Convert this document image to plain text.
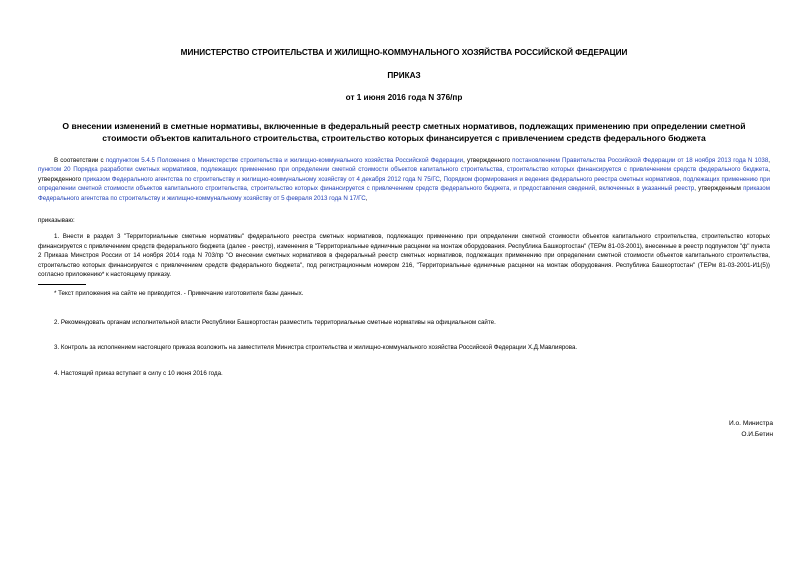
МИНИСТЕРСТВО СТРОИТЕЛЬСТВА И ЖИЛИЩНО-КОММУНАЛЬНОГО ХОЗЯЙСТВА РОССИЙСКОЙ ФЕДЕРАЦИИ
ПРИКАЗ
от 1 июня 2016 года N 376/пр
О внесении изменений в сметные нормативы, включенные в федеральный реестр сметных нормативов, подлежащих применению при определении сметной стоимости объектов капитального строительства, строительство которых финансируется с привлечением средств федерального бюджета

В соответствии с подпунктом 5.4.5 Положения о Министерстве строительства и жилищно-коммунального хозяйства Российской Федерации, утвержденного постановлением Правительства Российской Федерации от 18 ноября 2013 года N 1038, пунктом 20 Порядка разработки сметных нормативов, подлежащих применению при определении сметной стоимости объектов капитального строительства, строительство которых финансируется с привлечением средств федерального бюджета, утвержденного приказом Федерального агентства по строительству и жилищно-коммунальному хозяйству от 4 декабря 2012 года N 75/ГС, Порядком формирования и ведения федерального реестра сметных нормативов, подлежащих применению при определении сметной стоимости объектов капитального строительства, строительство которых финансируется с привлечением средств федерального бюджета, и предоставления сведений, включенных в указанный реестр, утвержденным приказом Федерального агентства по строительству и жилищно-коммунальному хозяйству от 5 февраля 2013 года N 17/ГС,

приказываю:

1. Внести в раздел 3 "Территориальные сметные нормативы" федерального реестра сметных нормативов, подлежащих применению при определении сметной стоимости объектов капитального строительства, строительство которых финансируется с привлечением средств федерального бюджета (далее - реестр), изменения в "Территориальные единичные расценки на монтаж оборудования. Республика Башкортостан" (ТЕРм 81-03-2001), внесенные в реестр подпунктом "ф" пункта 2 Приказа Минстроя России от 14 ноября 2014 года N 703/пр "О внесении сметных нормативов в федеральный реестр сметных нормативов, подлежащих применению при определении сметной стоимости объектов капитального строительства, строительство которых финансируется с привлечением средств федерального бюджета", под регистрационным номером 216, "Территориальные единичные расценки на монтаж оборудования. Республика Башкортостан" (ТЕРм 81-03-2001-И1(5)) согласно приложению* к настоящему приказу.

* Текст приложения на сайте не приводится. - Примечание изготовителя базы данных.

2. Рекомендовать органам исполнительной власти Республики Башкортостан разместить территориальные сметные нормативы на официальном сайте.

3. Контроль за исполнением настоящего приказа возложить на заместителя Министра строительства и жилищно-коммунального хозяйства Российской Федерации Х.Д.Мавлиярова.

4. Настоящий приказ вступает в силу с 10 июня 2016 года.

И.о. Министра
О.И.Бетин
